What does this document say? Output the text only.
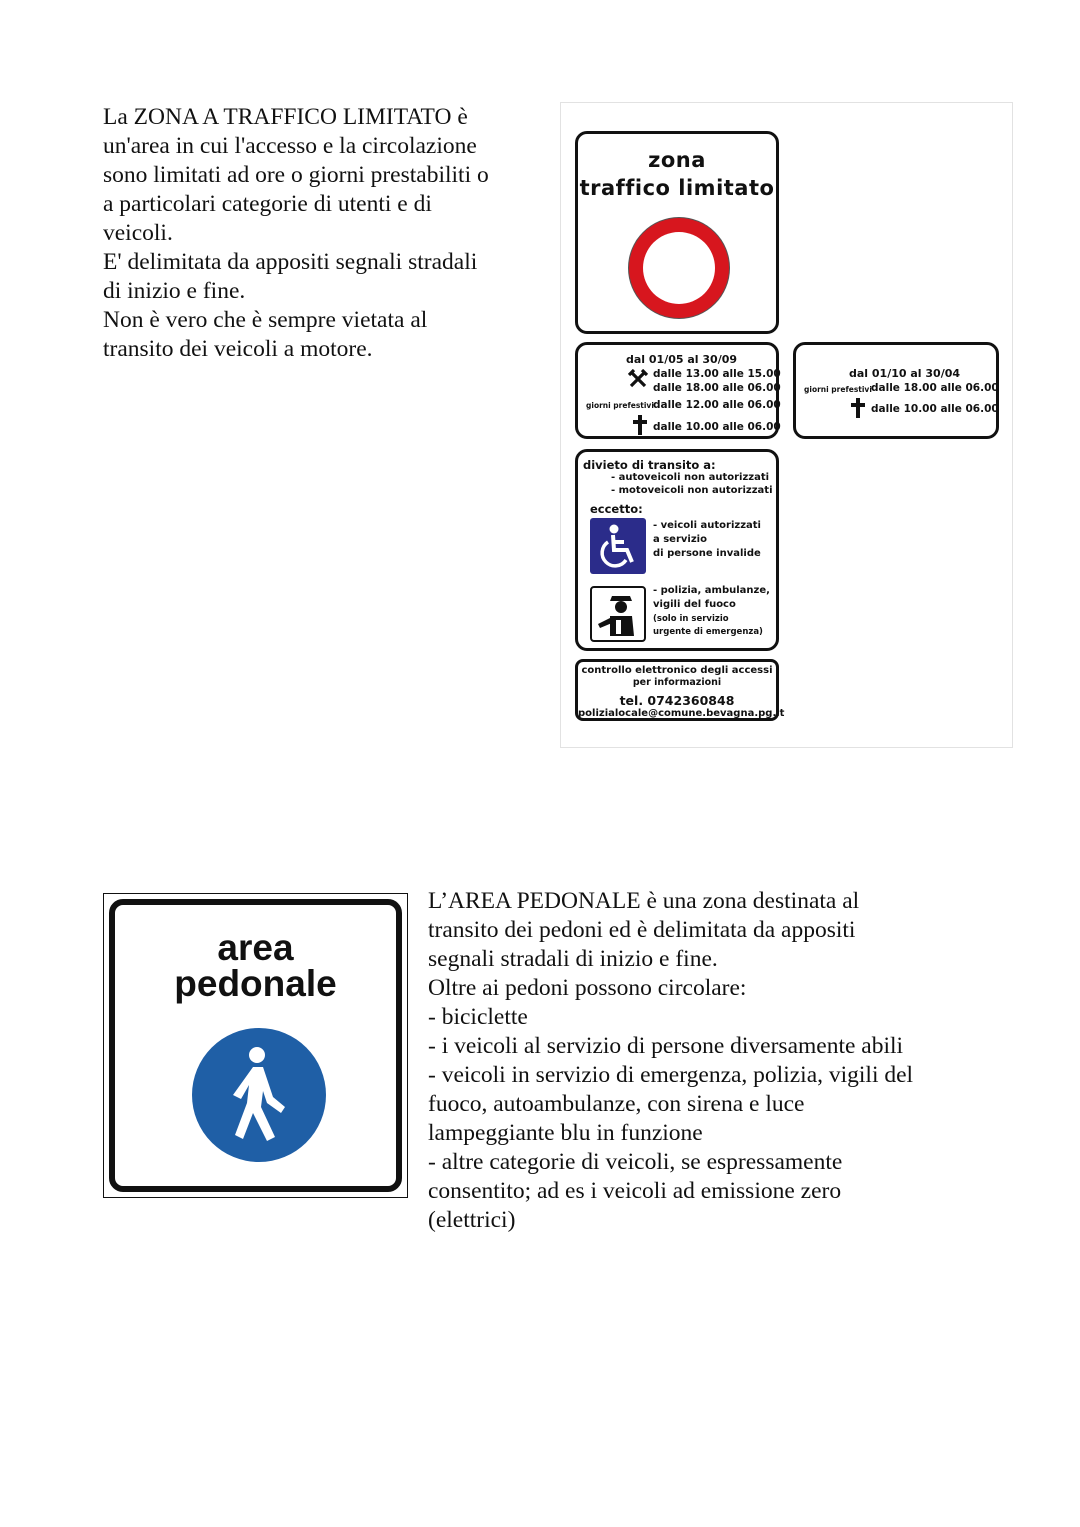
La ZONA A TRAFFICO LIMITATO è
un'area in cui l'accesso e la circolazione
sono limitati ad ore o giorni prestabiliti o
a particolari categorie di utenti e di
veicoli.
E' delimitata da appositi segnali stradali
di inizio e fine.
Non è vero che è sempre vietata al
transito dei veicoli a motore.
zona
traffico limitato
dal 01/05 al 30/09
dalle 13.00 alle 15.00
dalle 18.00 alle 06.00
giorni prefestivi dalle 12.00 alle 06.00
dalle 10.00 alle 06.00
dal 01/10 al 30/04
giorni prefestivi dalle 18.00 alle 06.00
dalle 10.00 alle 06.00
divieto di transito a:
- autoveicoli non autorizzati
- motoveicoli non autorizzati
eccetto:
- veicoli autorizzati
a servizio
di persone invalide
- polizia, ambulanze,
vigili del fuoco
(solo in servizio
urgente di emergenza)
controllo elettronico degli accessi
per informazioni
tel. 0742360848
polizialocale@comune.bevagna.pg.it
area
pedonale
L’AREA PEDONALE è una zona destinata al
transito dei pedoni ed è delimitata da appositi
segnali stradali di inizio e fine.
Oltre ai pedoni possono circolare:
- biciclette
- i veicoli al servizio di persone diversamente abili
- veicoli in servizio di emergenza, polizia, vigili del
fuoco, autoambulanze, con sirena e luce
lampeggiante blu in funzione
- altre categorie di veicoli, se espressamente
consentito; ad es i veicoli ad emissione zero
(elettrici)
